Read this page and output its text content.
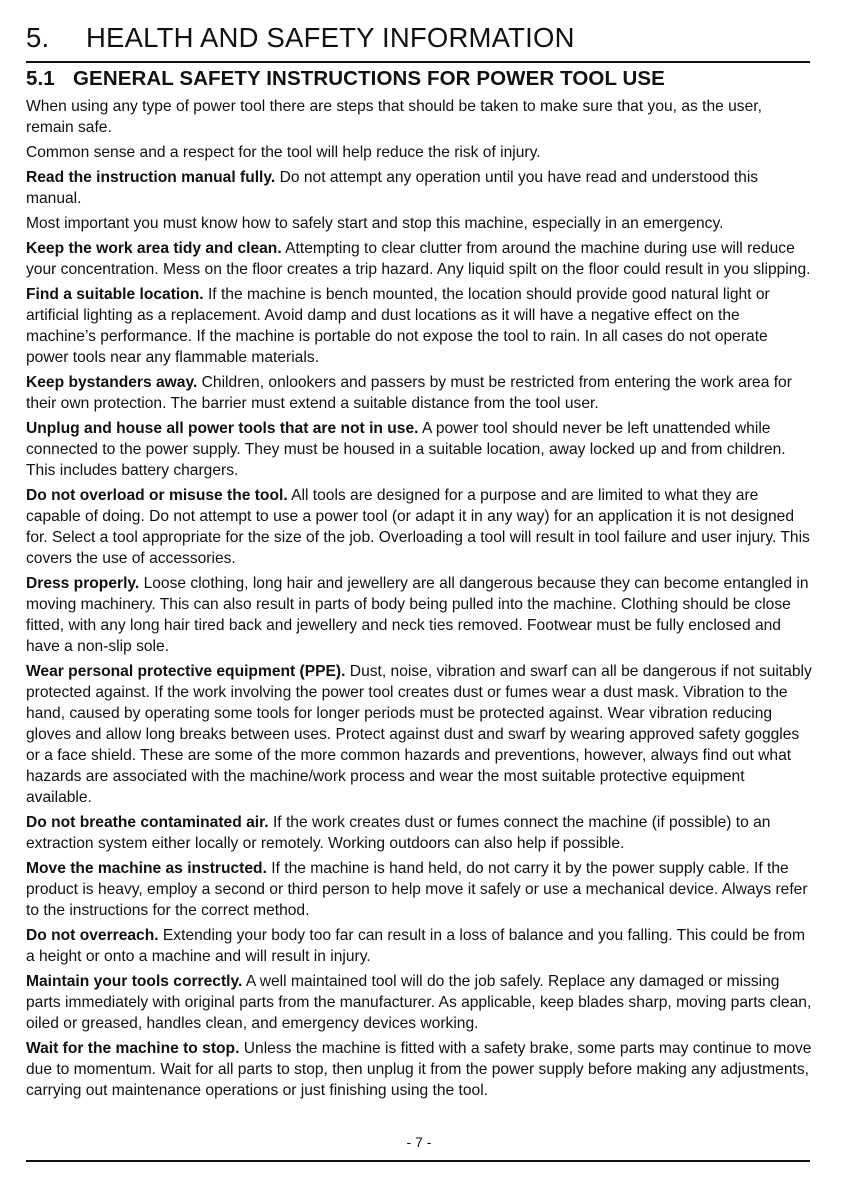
5. HEALTH AND SAFETY INFORMATION
5.1 GENERAL SAFETY INSTRUCTIONS FOR POWER TOOL USE

When using any type of power tool there are steps that should be taken to make sure that you, as the user, remain safe.

Common sense and a respect for the tool will help reduce the risk of injury.

Read the instruction manual fully. Do not attempt any operation until you have read and understood this manual.

Most important you must know how to safely start and stop this machine, especially in an emergency.

Keep the work area tidy and clean. Attempting to clear clutter from around the machine during use will reduce your concentration. Mess on the floor creates a trip hazard. Any liquid spilt on the floor could result in you slipping.

Find a suitable location. If the machine is bench mounted, the location should provide good natural light or artificial lighting as a replacement. Avoid damp and dust locations as it will have a negative effect on the machine’s performance. If the machine is portable do not expose the tool to rain. In all cases do not operate power tools near any flammable materials.

Keep bystanders away. Children, onlookers and passers by must be restricted from entering the work area for their own protection. The barrier must extend a suitable distance from the tool user.

Unplug and house all power tools that are not in use. A power tool should never be left unattended while connected to the power supply. They must be housed in a suitable location, away locked up and from children. This includes battery chargers.

Do not overload or misuse the tool. All tools are designed for a purpose and are limited to what they are capable of doing. Do not attempt to use a power tool (or adapt it in any way) for an application it is not designed for. Select a tool appropriate for the size of the job. Overloading a tool will result in tool failure and user injury. This covers the use of accessories.

Dress properly. Loose clothing, long hair and jewellery are all dangerous because they can become entangled in moving machinery. This can also result in parts of body being pulled into the machine. Clothing should be close fitted, with any long hair tired back and jewellery and neck ties removed. Footwear must be fully enclosed and have a non-slip sole.

Wear personal protective equipment (PPE). Dust, noise, vibration and swarf can all be dangerous if not suitably protected against. If the work involving the power tool creates dust or fumes wear a dust mask. Vibration to the hand, caused by operating some tools for longer periods must be protected against. Wear vibration reducing gloves and allow long breaks between uses. Protect against dust and swarf by wearing approved safety goggles or a face shield. These are some of the more common hazards and preventions, however, always find out what hazards are associated with the machine/work process and wear the most suitable protective equipment available.

Do not breathe contaminated air. If the work creates dust or fumes connect the machine (if possible) to an extraction system either locally or remotely. Working outdoors can also help if possible.

Move the machine as instructed. If the machine is hand held, do not carry it by the power supply cable. If the product is heavy, employ a second or third person to help move it safely or use a mechanical device. Always refer to the instructions for the correct method.

Do not overreach. Extending your body too far can result in a loss of balance and you falling. This could be from a height or onto a machine and will result in injury.

Maintain your tools correctly. A well maintained tool will do the job safely. Replace any damaged or missing parts immediately with original parts from the manufacturer. As applicable, keep blades sharp, moving parts clean, oiled or greased, handles clean, and emergency devices working.

Wait for the machine to stop. Unless the machine is fitted with a safety brake, some parts may continue to move due to momentum. Wait for all parts to stop, then unplug it from the power supply before making any adjustments, carrying out maintenance operations or just finishing using the tool.

- 7 -
